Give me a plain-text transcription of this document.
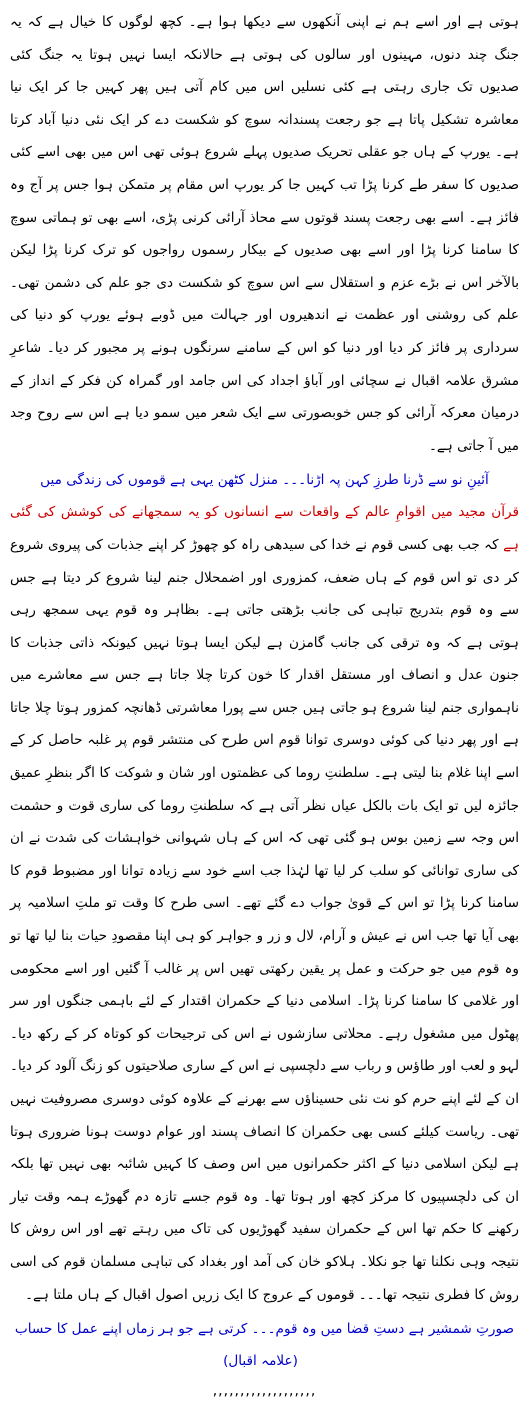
ہوتی ہے اور اسے ہم نے اپنی آنکھوں سے دیکھا ہوا ہے۔ کچھ لوگوں کا خیال ہے کہ یہ جنگ چند دنوں، مہینوں اور سالوں کی ہوتی ہے حالانکہ ایسا نہیں ہوتا یہ جنگ کئی صدیوں تک جاری رہتی ہے کئی نسلیں اس میں کام آتی ہیں پھر کہیں جا کر ایک نیا معاشرہ تشکیل پاتا ہے جو رجعت پسندانہ سوچ کو شکست دے کر ایک نئی دنیا آباد کرتا ہے۔ یورپ کے ہاں جو عقلی تحریک صدیوں پہلے شروع ہوئی تھی اس میں بھی اسے کئی صدیوں کا سفر طے کرنا پڑا تب کہیں جا کر یورپ اس مقام پر متمکن ہوا جس پر آج وہ فائز ہے۔ اسے بھی رجعت پسند قوتوں سے محاذ آرائی کرنی پڑی، اسے بھی تو ہماتی سوچ کا سامنا کرنا پڑا اور اسے بھی صدیوں کے بیکار رسموں رواجوں کو ترک کرنا پڑا لیکن بالآخر اس نے بڑے عزم و استقلال سے اس سوچ کو شکست دی جو علم کی دشمن تھی۔ علم کی روشنی اور عظمت نے اندھیروں اور جہالت میں ڈوبے ہوئے یورپ کو دنیا کی سرداری پر فائز کر دیا اور دنیا کو اس کے سامنے سرنگوں ہونے پر مجبور کر دیا۔ شاعرِ مشرق علامہ اقبال نے سچائی اور آباؤ اجداد کی اس جامد اور گمراہ کن فکر کے انداز کے درمیان معرکہ آرائی کو جس خوبصورتی سے ایک شعر میں سمو دیا ہے اس سے روح وجد میں آ جاتی ہے۔

آئینِ نو سے ڈرنا طرزِ کہن پہ اڑنا۔۔۔ منزل کٹھن یہی ہے قوموں کی زندگی میں

قرآن مجید میں اقوامِ عالم کے واقعات سے انسانوں کو یہ سمجھانے کی کوشش کی گئی ہے کہ جب بھی کسی قوم نے خدا کی سیدھی راہ کو چھوڑ کر اپنے جذبات کی پیروی شروع کر دی تو اس قوم کے ہاں ضعف، کمزوری اور اضمحلال جنم لینا شروع کر دیتا ہے جس سے وہ قوم بتدریج تباہی کی جانب بڑھتی جاتی ہے۔ بظاہر وہ قوم یہی سمجھ رہی ہوتی ہے کہ وہ ترقی کی جانب گامزن ہے لیکن ایسا ہوتا نہیں کیونکہ ذاتی جذبات کا جنون عدل و انصاف اور مستقل اقدار کا خون کرتا چلا جاتا ہے جس سے معاشرے میں ناہمواری جنم لینا شروع ہو جاتی ہیں جس سے پورا معاشرتی ڈھانچہ کمزور ہوتا چلا جاتا ہے اور پھر دنیا کی کوئی دوسری توانا قوم اس طرح کی منتشر قوم پر غلبہ حاصل کر کے اسے اپنا غلام بنا لیتی ہے۔ سلطنتِ روما کی عظمتوں اور شان و شوکت کا اگر بنظرِ عمیق جائزہ لیں تو ایک بات بالکل عیاں نظر آتی ہے کہ سلطنتِ روما کی ساری قوت و حشمت اس وجہ سے زمین بوس ہو گئی تھی کہ اس کے ہاں شہوانی خواہشات کی شدت نے ان کی ساری توانائی کو سلب کر لیا تھا لہٰذا جب اسے خود سے زیادہ توانا اور مضبوط قوم کا سامنا کرنا پڑا تو اس کے قویٰ جواب دے گئے تھے۔ اسی طرح کا وقت تو ملتِ اسلامیہ پر بھی آیا تھا جب اس نے عیش و آرام، لال و زر و جواہر کو ہی اپنا مقصودِ حیات بنا لیا تھا تو وہ قوم میں جو حرکت و عمل پر یقین رکھتی تھیں اس پر غالب آ گئیں اور اسے محکومی اور غلامی کا سامنا کرنا پڑا۔ اسلامی دنیا کے حکمران اقتدار کے لئے باہمی جنگوں اور سر پھٹول میں مشغول رہے۔ محلاتی سازشوں نے اس کی ترجیحات کو کوتاہ کر کے رکھ دیا۔ لہو و لعب اور طاؤس و رباب سے دلچسپی نے اس کے ساری صلاحیتوں کو زنگ آلود کر دیا۔ ان کے لئے اپنے حرم کو نت نئی حسیناؤں سے بھرنے کے علاوہ کوئی دوسری مصروفیت نہیں تھی۔ ریاست کیلئے کسی بھی حکمران کا انصاف پسند اور عوام دوست ہونا ضروری ہوتا ہے لیکن اسلامی دنیا کے اکثر حکمرانوں میں اس وصف کا کہیں شائبہ بھی نہیں تھا بلکہ ان کی دلچسپیوں کا مرکز کچھ اور ہوتا تھا۔ وہ قوم جسے تازہ دم گھوڑے ہمہ وقت تیار رکھنے کا حکم تھا اس کے حکمران سفید گھوڑیوں کی تاک میں رہتے تھے اور اس روش کا نتیجہ وہی نکلنا تھا جو نکلا۔ ہلاکو خان کی آمد اور بغداد کی تباہی مسلمان قوم کی اسی روش کا فطری نتیجہ تھا۔۔۔ قوموں کے عروج کا ایک زریں اصول اقبال کے ہاں ملتا ہے۔

صورتِ شمشیر ہے دستِ قضا میں وہ قوم۔۔۔ کرتی ہے جو ہر زماں اپنے عمل کا حساب (علامہ اقبال)
,,,,,,,,,,,,,,,,,,,
